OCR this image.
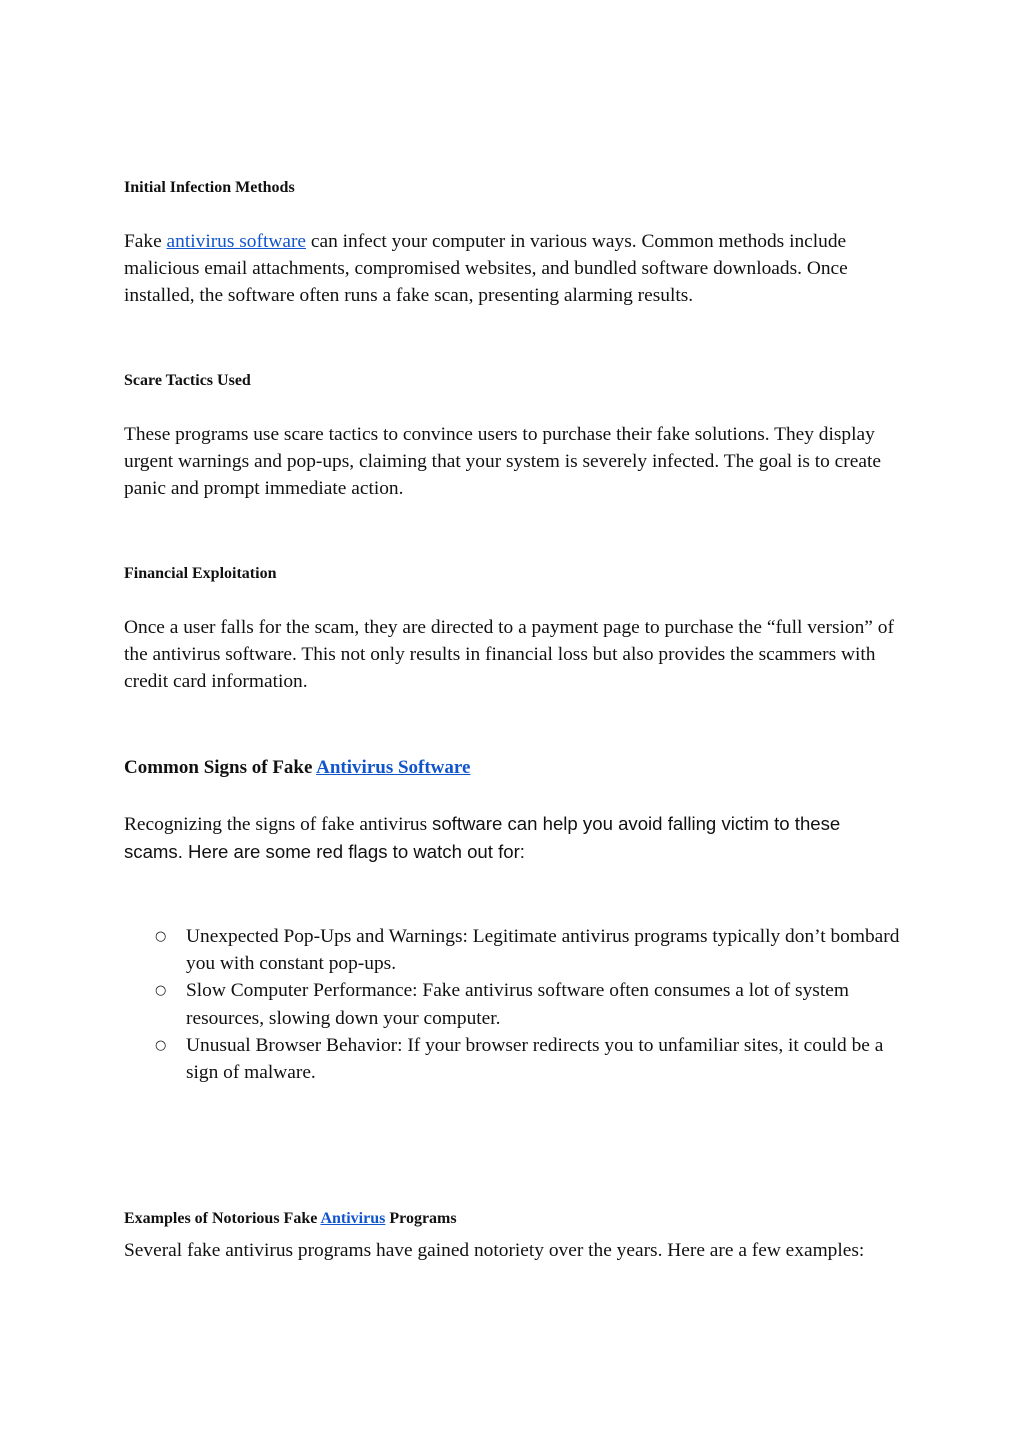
Initial Infection Methods

Fake antivirus software can infect your computer in various ways. Common methods include malicious email attachments, compromised websites, and bundled software downloads. Once installed, the software often runs a fake scan, presenting alarming results.

Scare Tactics Used

These programs use scare tactics to convince users to purchase their fake solutions. They display urgent warnings and pop-ups, claiming that your system is severely infected. The goal is to create panic and prompt immediate action.

Financial Exploitation

Once a user falls for the scam, they are directed to a payment page to purchase the “full version” of the antivirus software. This not only results in financial loss but also provides the scammers with credit card information.

Common Signs of Fake Antivirus Software

Recognizing the signs of fake antivirus software can help you avoid falling victim to these scams. Here are some red flags to watch out for:

○ Unexpected Pop-Ups and Warnings: Legitimate antivirus programs typically don’t bombard you with constant pop-ups.
○ Slow Computer Performance: Fake antivirus software often consumes a lot of system resources, slowing down your computer.
○ Unusual Browser Behavior: If your browser redirects you to unfamiliar sites, it could be a sign of malware.
Examples of Notorious Fake Antivirus Programs

Several fake antivirus programs have gained notoriety over the years. Here are a few examples:
